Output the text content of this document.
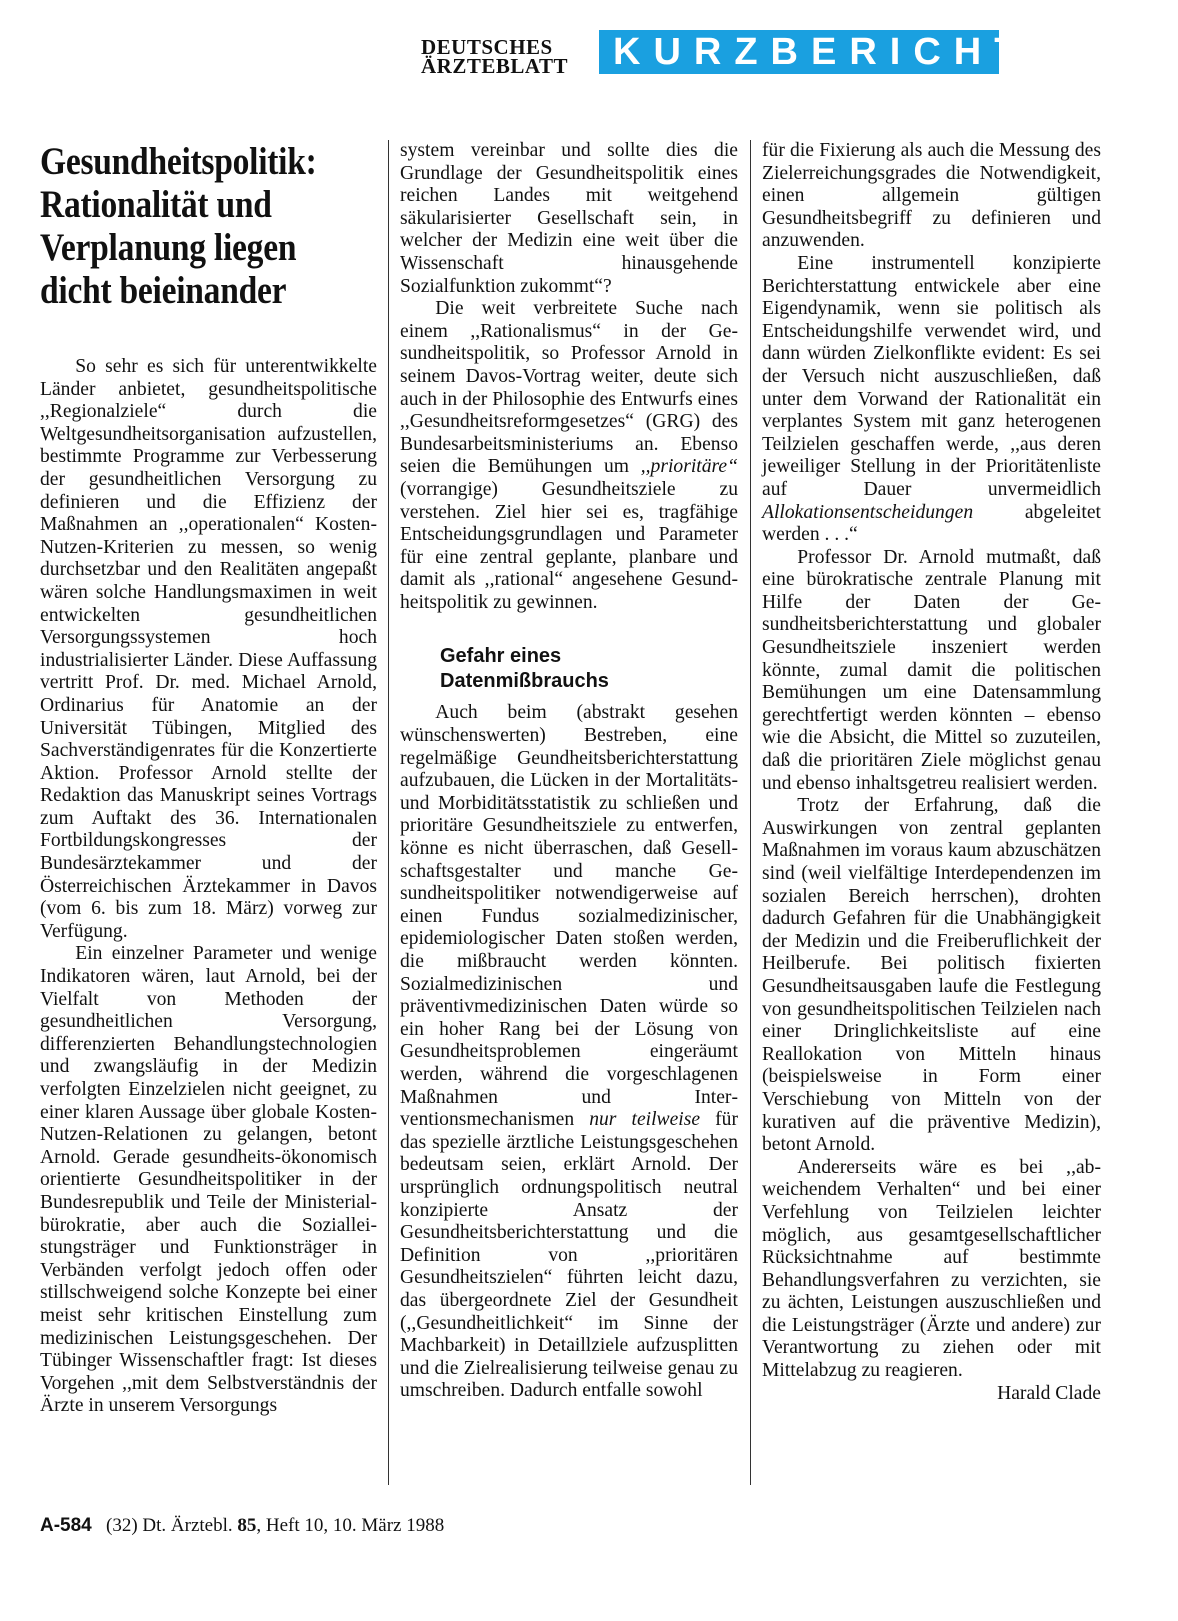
DEUTSCHES
ÄRZTEBLATT	KURZBERICHT
Gesundheitspolitik: Rationalität und Verplanung liegen dicht beieinander

So sehr es sich für unterentwikkelte Länder anbietet, gesundheitspolitische ,,Regionalziele“ durch die Weltgesundheitsorganisation aufzustellen, bestimmte Programme zur Verbesserung der gesundheitlichen Versorgung zu definieren und die Effizienz der Maßnahmen an ,,operationalen“ Kosten-Nutzen-Kriterien zu messen, so wenig durchsetzbar und den Realitäten angepaßt wären solche Handlungsmaximen in weit entwickelten gesundheitlichen Versorgungssystemen hoch industrialisierter Länder. Diese Auffassung vertritt Prof. Dr. med. Michael Arnold, Ordinarius für Anatomie an der Universität Tübingen, Mitglied des Sachverständigenrates für die Konzertierte Aktion. Professor Arnold stellte der Redaktion das Manuskript seines Vortrags zum Auftakt des 36. Internationalen Fortbildungskongresses der Bundesärztekammer und der Österreichischen Ärztekammer in Davos (vom 6. bis zum 18. März) vorweg zur Verfügung.

Ein einzelner Parameter und wenige Indikatoren wären, laut Arnold, bei der Vielfalt von Methoden der gesundheitlichen Versorgung, differenzierten Behandlungstechnologien und zwangsläufig in der Medizin verfolgten Einzelzielen nicht geeignet, zu einer klaren Aussage über globale Kosten-Nutzen-Relationen zu gelangen, betont Arnold. Gerade gesundheits-ökonomisch orientierte Gesundheitspolitiker in der Bundesrepublik und Teile der Ministerialbürokratie, aber auch die Sozialleistungsträger und Funktionsträger in Verbänden verfolgt jedoch offen oder stillschweigend solche Konzepte bei einer meist sehr kritischen Einstellung zum medizinischen Leistungsgeschehen. Der Tübinger Wissenschaftler fragt: Ist dieses Vorgehen ,,mit dem Selbstverständnis der Ärzte in unserem Versorgungs

system vereinbar und sollte dies die Grundlage der Gesundheitspolitik eines reichen Landes mit weitgehend säkularisierter Gesellschaft sein, in welcher der Medizin eine weit über die Wissenschaft hinausgehende Sozialfunktion zukommt“?

Die weit verbreitete Suche nach einem ,,Rationalismus“ in der Gesundheitspolitik, so Professor Arnold in seinem Davos-Vortrag weiter, deute sich auch in der Philosophie des Entwurfs eines ,,Gesundheitsreformgesetzes“ (GRG) des Bundesarbeitsministeriums an. Ebenso seien die Bemühungen um ,,prioritäre“ (vorrangige) Gesundheitsziele zu verstehen. Ziel hier sei es, tragfähige Entscheidungsgrundlagen und Parameter für eine zentral geplante, planbare und damit als ,,rational“ angesehene Gesundheitspolitik zu gewinnen.

Gefahr eines
Datenmißbrauchs

Auch beim (abstrakt gesehen wünschenswerten) Bestreben, eine regelmäßige Geundheitsberichterstattung aufzubauen, die Lücken in der Mortalitäts- und Morbiditätsstatistik zu schließen und prioritäre Gesundheitsziele zu entwerfen, könne es nicht überraschen, daß Gesellschaftsgestalter und manche Gesundheitspolitiker notwendigerweise auf einen Fundus sozialmedizinischer, epidemiologischer Daten stoßen werden, die mißbraucht werden könnten. Sozialmedizinischen und präventivmedizinischen Daten würde so ein hoher Rang bei der Lösung von Gesundheitsproblemen eingeräumt werden, während die vorgeschlagenen Maßnahmen und Interventionsmechanismen nur teilweise für das spezielle ärztliche Leistungsgeschehen bedeutsam seien, erklärt Arnold. Der ursprünglich ordnungspolitisch neutral konzipierte Ansatz der Gesundheitsberichterstattung und die Definition von ,,prioritären Gesundheitszielen“ führten leicht dazu, das übergeordnete Ziel der Gesundheit (,,Gesundheitlichkeit“ im Sinne der Machbarkeit) in Detaillziele aufzusplitten und die Zielrealisierung teilweise genau zu umschreiben. Dadurch entfalle sowohl

für die Fixierung als auch die Messung des Zielerreichungsgrades die Notwendigkeit, einen allgemein gültigen Gesundheitsbegriff zu definieren und anzuwenden.

Eine instrumentell konzipierte Berichterstattung entwickele aber eine Eigendynamik, wenn sie politisch als Entscheidungshilfe verwendet wird, und dann würden Zielkonflikte evident: Es sei der Versuch nicht auszuschließen, daß unter dem Vorwand der Rationalität ein verplantes System mit ganz heterogenen Teilzielen geschaffen werde, ,,aus deren jeweiliger Stellung in der Prioritätenliste auf Dauer unvermeidlich Allokationsentscheidungen abgeleitet werden . . .“

Professor Dr. Arnold mutmaßt, daß eine bürokratische zentrale Planung mit Hilfe der Daten der Gesundheitsberichterstattung und globaler Gesundheitsziele inszeniert werden könnte, zumal damit die politischen Bemühungen um eine Datensammlung gerechtfertigt werden könnten – ebenso wie die Absicht, die Mittel so zuzuteilen, daß die prioritären Ziele möglichst genau und ebenso inhaltsgetreu realisiert werden.

Trotz der Erfahrung, daß die Auswirkungen von zentral geplanten Maßnahmen im voraus kaum abzuschätzen sind (weil vielfältige Interdependenzen im sozialen Bereich herrschen), drohten dadurch Gefahren für die Unabhängigkeit der Medizin und die Freiberuflichkeit der Heilberufe. Bei politisch fixierten Gesundheitsausgaben laufe die Festlegung von gesundheitspolitischen Teilzielen nach einer Dringlichkeitsliste auf eine Reallokation von Mitteln hinaus (beispielsweise in Form einer Verschiebung von Mitteln von der kurativen auf die präventive Medizin), betont Arnold.

Andererseits wäre es bei ,,abweichendem Verhalten“ und bei einer Verfehlung von Teilzielen leichter möglich, aus gesamtgesellschaftlicher Rücksichtnahme auf bestimmte Behandlungsverfahren zu verzichten, sie zu ächten, Leistungen auszuschließen und die Leistungsträger (Ärzte und andere) zur Verantwortung zu ziehen oder mit Mittelabzug zu reagieren.
Harald Clade

A-584 (32) Dt. Ärztebl. 85, Heft 10, 10. März 1988
